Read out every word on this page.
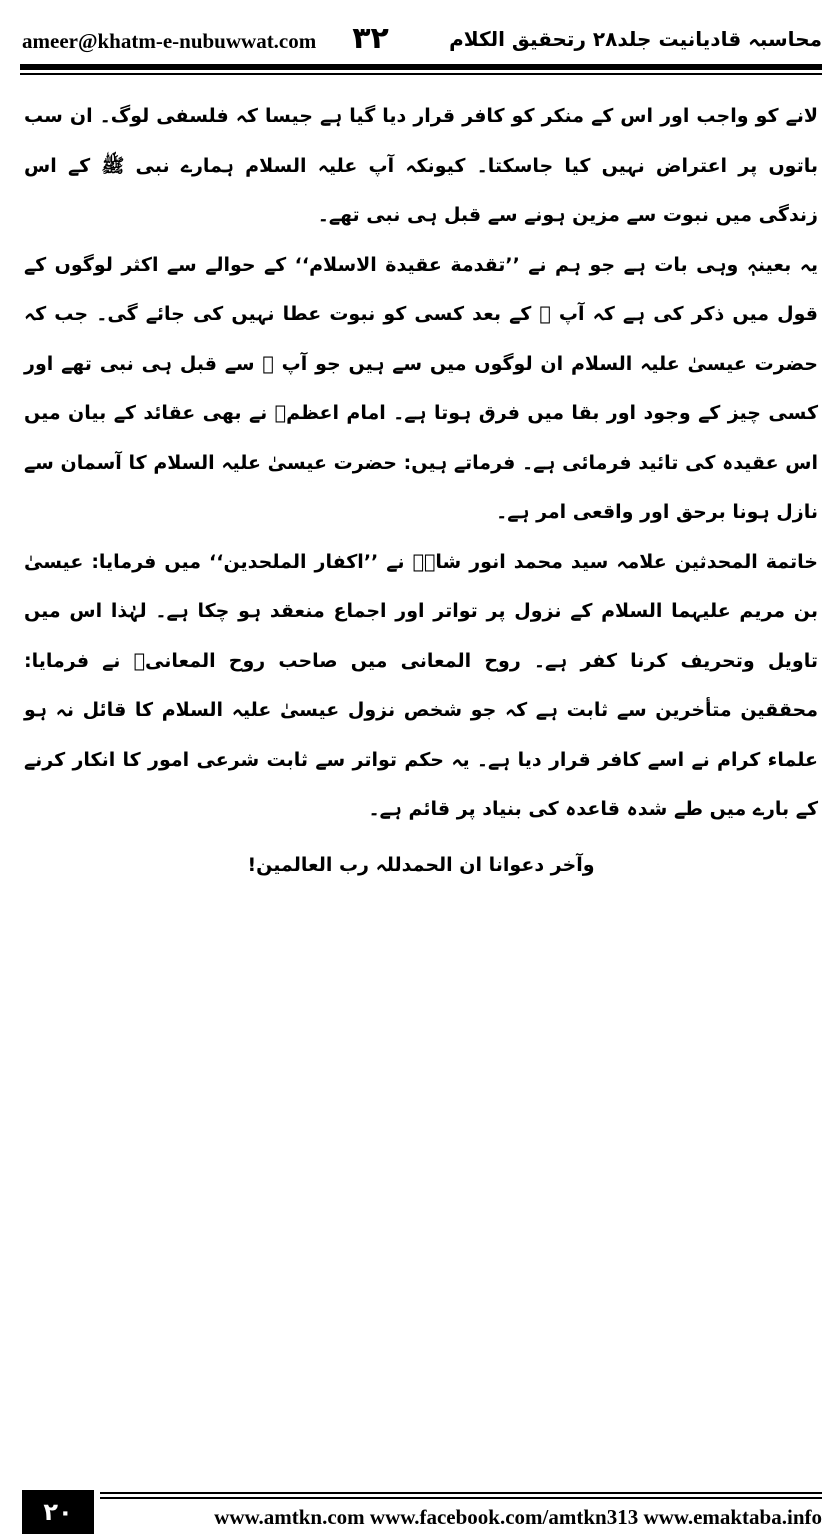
ameer@khatm-e-nubuwwat.com ۳۲	محاسبہ قادیانیت جلد۲۸ رتحقیق الکلام

لانے کو واجب اور اس کے منکر کو کافر قرار دیا گیا ہے جیسا کہ فلسفی لوگ۔ ان سب باتوں پر اعتراض نہیں کیا جاسکتا۔ کیونکہ آپ علیہ السلام ہمارے نبی ﷺ کے اس زندگی میں نبوت سے مزین ہونے سے قبل ہی نبی تھے۔

یہ بعینہٖ وہی بات ہے جو ہم نے ’’تقدمة عقیدة الاسلام‘‘ کے حوالے سے اکثر لوگوں کے قول میں ذکر کی ہے کہ آپ ﷺ کے بعد کسی کو نبوت عطا نہیں کی جائے گی۔ جب کہ حضرت عیسیٰ علیہ السلام ان لوگوں میں سے ہیں جو آپ ﷺ سے قبل ہی نبی تھے اور کسی چیز کے وجود اور بقا میں فرق ہوتا ہے۔ امام اعظمؒ نے بھی عقائد کے بیان میں اس عقیدہ کی تائید فرمائی ہے۔ فرماتے ہیں: حضرت عیسیٰ علیہ السلام کا آسمان سے نازل ہونا برحق اور واقعی امر ہے۔

خاتمة المحدثین علامہ سید محمد انور شاہؒ نے ’’اکفار الملحدین‘‘ میں فرمایا: عیسیٰ بن مریم علیہما السلام کے نزول پر تواتر اور اجماع منعقد ہو چکا ہے۔ لہٰذا اس میں تاویل وتحریف کرنا کفر ہے۔ روح المعانی میں صاحب روح المعانیؒ نے فرمایا: محققین متأخرین سے ثابت ہے کہ جو شخص نزول عیسیٰ علیہ السلام کا قائل نہ ہو علماء کرام نے اسے کافر قرار دیا ہے۔ یہ حکم تواتر سے ثابت شرعی امور کا انکار کرنے کے بارے میں طے شدہ قاعدہ کی بنیاد پر قائم ہے۔

وآخر دعوانا ان الحمدللہ رب العالمین!

۲۰	www.amtkn.com www.facebook.com/amtkn313 www.emaktaba.info
